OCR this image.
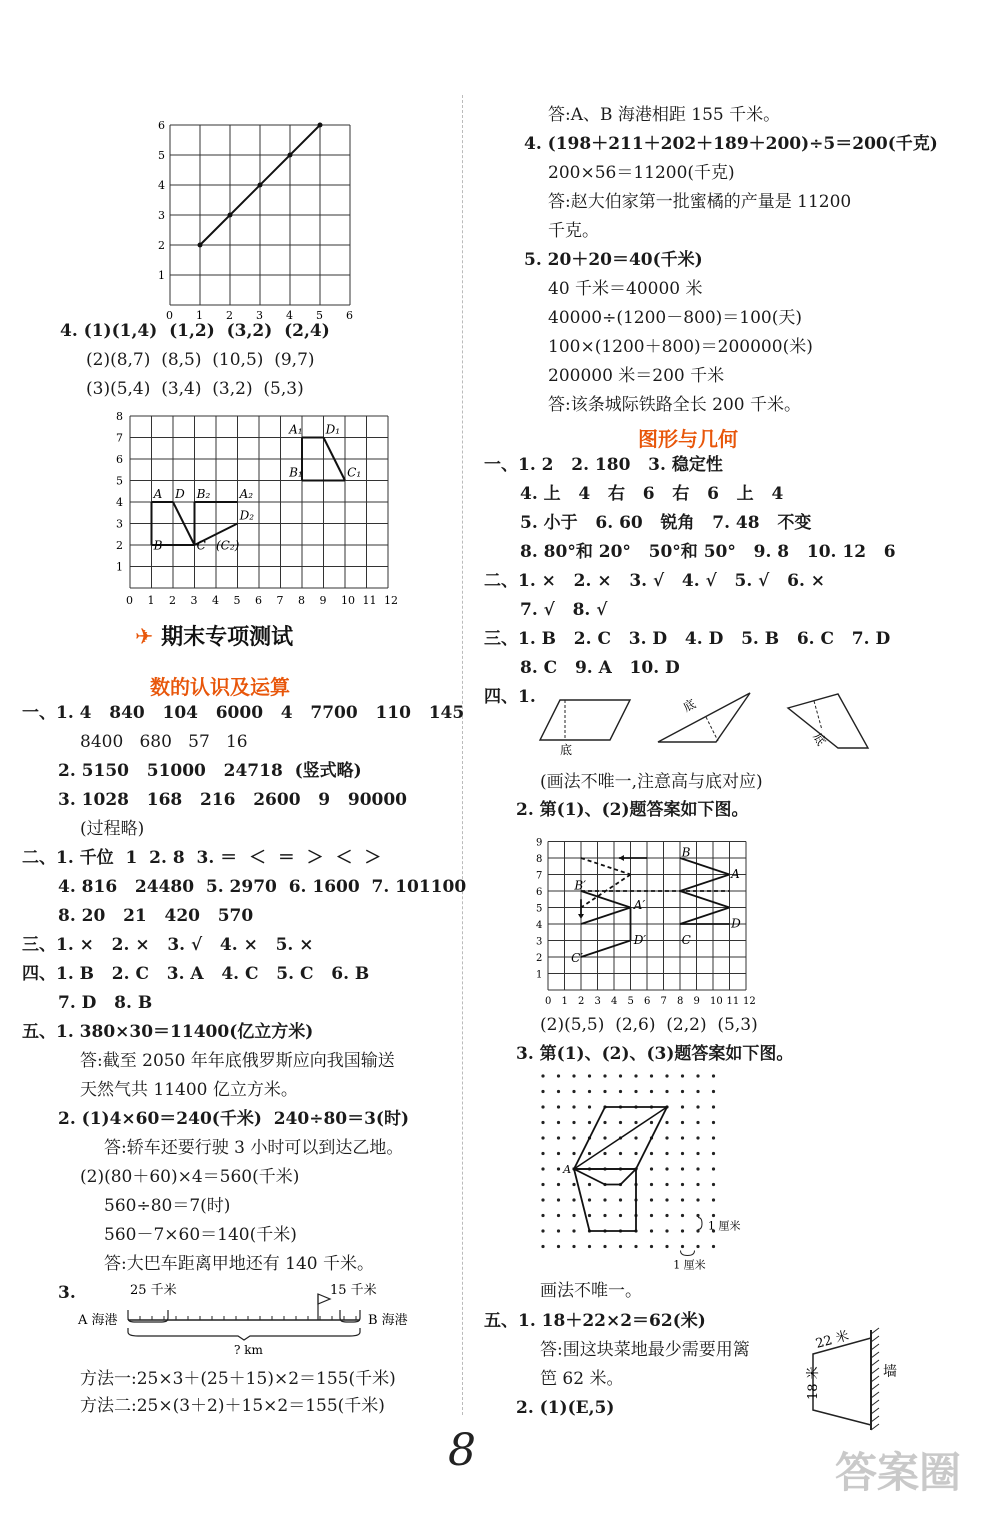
0 1
1
2
2
3
3
4
4
5
5
6
6
4. (1)(1,4)  (1,2)  (3,2)  (2,4)
(2)(8,7)  (8,5)  (10,5)  (9,7)
(3)(5,4)  (3,4)  (3,2)  (5,3)
0 1 2 3 4 5 6 7 8 9 10 11 12
1
2
3
4
5
6
7
8
A D B₂ A₂
D₂
B	C (C₂)
A₁ D₁
B₁	C₁
✈ 期末专项测试
数的认识及运算
一、1. 4   840   104   6000   4   7700   110   145
8400   680   57   16
2. 5150   51000   24718  (竖式略)
3. 1028   168   216   2600   9   90000
(过程略)
二、1. 千位  1  2. 8  3. ＝  ＜  ＝  ＞  ＜  ＞
4. 816   24480  5. 2970  6. 1600  7. 101100
8. 20   21   420   570
三、1. ×   2. ×   3. √   4. ×   5. ×
四、1. B   2. C   3. A   4. C   5. C   6. B
7. D   8. B
五、1. 380×30＝11400(亿立方米)
答:截至 2050 年年底俄罗斯应向我国输送
天然气共 11400 亿立方米。
2. (1)4×60＝240(千米)  240÷80＝3(时)
答:轿车还要行驶 3 小时可以到达乙地。
(2)(80＋60)×4＝560(千米)
560÷80＝7(时)
560－7×60＝140(千米)
答:大巴车距离甲地还有 140 千米。
3.	25 千米	15 千米
A 海港	B 海港
? km
方法一:25×3＋(25＋15)×2＝155(千米)
方法二:25×(3＋2)＋15×2＝155(千米)
答:A、B 海港相距 155 千米。
4. (198＋211＋202＋189＋200)÷5＝200(千克)
200×56＝11200(千克)
答:赵大伯家第一批蜜橘的产量是 11200
千克。
5. 20＋20＝40(千米)
40 千米＝40000 米
40000÷(1200－800)＝100(天)
100×(1200＋800)＝200000(米)
200000 米＝200 千米
答:该条城际铁路全长 200 千米。
图形与几何
一、1. 2   2. 180   3. 稳定性
4. 上   4   右   6   右   6   上   4
5. 小于   6. 60   锐角   7. 48   不变
8. 80°和 20°   50°和 50°   9. 8   10. 12   6
二、1. ×   2. ×   3. √   4. √   5. √   6. ×
7. √   8. √
三、1. B   2. C   3. D   4. D   5. B   6. C   7. D
8. C   9. A   10. D
四、1.
底
底
底
(画法不唯一,注意高与底对应)
2. 第(1)、(2)题答案如下图。
0 1 2 3 4 5 6 7 8 9 10 11 12
1
2
3
4
5
6
7
8
9
B
A
B′
A′
D
C
D′
C′
(2)(5,5)  (2,6)  (2,2)  (5,3)
3. 第(1)、(2)、(3)题答案如下图。
A
1 厘米
1 厘米
画法不唯一。
五、1. 18＋22×2＝62(米)
答:围这块菜地最少需要用篱
笆 62 米。
2. (1)(E,5)
22 米
18 米	墙
8	答案圈
